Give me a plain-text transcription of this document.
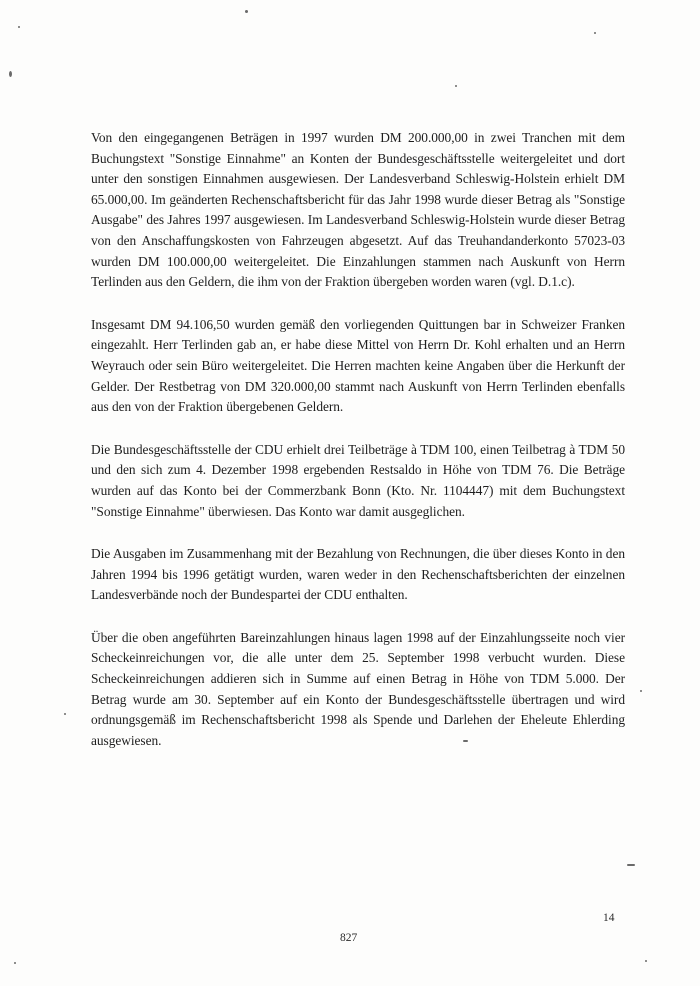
Von den eingegangenen Beträgen in 1997 wurden DM 200.000,00 in zwei Tranchen mit dem Buchungstext "Sonstige Einnahme" an Konten der Bundesgeschäftsstelle weitergeleitet und dort unter den sonstigen Einnahmen ausgewiesen. Der Landesverband Schleswig-Holstein erhielt DM 65.000,00. Im geänderten Rechenschaftsbericht für das Jahr 1998 wurde dieser Betrag als "Sonstige Ausgabe" des Jahres 1997 ausgewiesen. Im Landesverband Schleswig-Holstein wurde dieser Betrag von den Anschaffungskosten von Fahrzeugen abgesetzt. Auf das Treuhandanderkonto 57023-03 wurden DM 100.000,00 weitergeleitet. Die Einzahlungen stammen nach Auskunft von Herrn Terlinden aus den Geldern, die ihm von der Fraktion übergeben worden waren (vgl. D.1.c).

Insgesamt DM 94.106,50 wurden gemäß den vorliegenden Quittungen bar in Schweizer Franken eingezahlt. Herr Terlinden gab an, er habe diese Mittel von Herrn Dr. Kohl erhalten und an Herrn Weyrauch oder sein Büro weitergeleitet. Die Herren machten keine Angaben über die Herkunft der Gelder. Der Restbetrag von DM 320.000,00 stammt nach Auskunft von Herrn Terlinden ebenfalls aus den von der Fraktion übergebenen Geldern.

Die Bundesgeschäftsstelle der CDU erhielt drei Teilbeträge à TDM 100, einen Teilbetrag à TDM 50 und den sich zum 4. Dezember 1998 ergebenden Restsaldo in Höhe von TDM 76. Die Beträge wurden auf das Konto bei der Commerzbank Bonn (Kto. Nr. 1104447) mit dem Buchungstext "Sonstige Einnahme" überwiesen. Das Konto war damit ausgeglichen.

Die Ausgaben im Zusammenhang mit der Bezahlung von Rechnungen, die über dieses Konto in den Jahren 1994 bis 1996 getätigt wurden, waren weder in den Rechenschaftsberichten der einzelnen Landesverbände noch der Bundespartei der CDU enthalten.

Über die oben angeführten Bareinzahlungen hinaus lagen 1998 auf der Einzahlungsseite noch vier Scheckeinreichungen vor, die alle unter dem 25. September 1998 verbucht wurden. Diese Scheckeinreichungen addieren sich in Summe auf einen Betrag in Höhe von TDM 5.000. Der Betrag wurde am 30. September auf ein Konto der Bundesgeschäftsstelle übertragen und wird ordnungsgemäß im Rechenschaftsbericht 1998 als Spende und Darlehen der Eheleute Ehlerding ausgewiesen.

14
827
